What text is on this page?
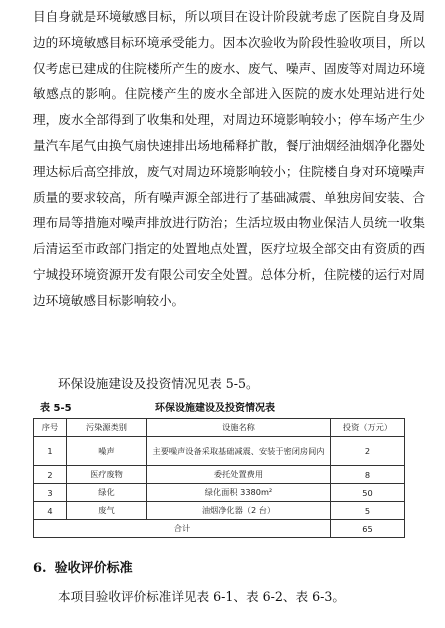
目自身就是环境敏感目标，所以项目在设计阶段就考虑了医院自身及周边的环境敏感目标环境承受能力。因本次验收为阶段性验收项目，所以仅考虑已建成的住院楼所产生的废水、废气、噪声、固废等对周边环境敏感点的影响。住院楼产生的废水全部进入医院的废水处理站进行处理，废水全部得到了收集和处理，对周边环境影响较小；停车场产生少量汽车尾气由换气扇快速排出场地稀释扩散，餐厅油烟经油烟净化器处理达标后高空排放，废气对周边环境影响较小；住院楼自身对环境噪声质量的要求较高，所有噪声源全部进行了基础减震、单独房间安装、合理布局等措施对噪声排放进行防治；生活垃圾由物业保洁人员统一收集后清运至市政部门指定的处置地点处置，医疗垃圾全部交由有资质的西宁城投环境资源开发有限公司安全处置。总体分析，住院楼的运行对周边环境敏感目标影响较小。

环保设施建设及投资情况见表 5-5。

表 5-5	环保设施建设及投资情况表
序号	污染源类别	设施名称	投资（万元）
1	噪声	主要噪声设备采取基础减震、安装于密闭房间内	2
2	医疗废物	委托处置费用	8
3	绿化	绿化面积 3380m²	50
4	废气	油烟净化器（2 台）	5
合计			65
6. 验收评价标准

本项目验收评价标准详见表 6-1、表 6-2、表 6-3。
